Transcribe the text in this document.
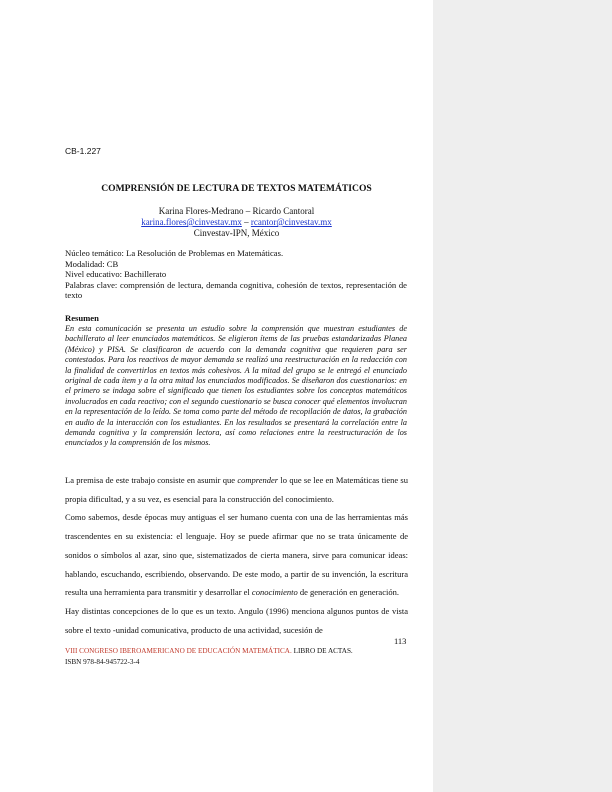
CB-1.227
COMPRENSIÓN DE LECTURA DE TEXTOS MATEMÁTICOS
Karina Flores-Medrano – Ricardo Cantoral
karina.flores@cinvestav.mx – rcantor@cinvestav.mx
Cinvestav-IPN, México
Núcleo temático: La Resolución de Problemas en Matemáticas.
Modalidad: CB
Nivel educativo: Bachillerato
Palabras clave: comprensión de lectura, demanda cognitiva, cohesión de textos, representación de texto
Resumen
En esta comunicación se presenta un estudio sobre la comprensión que muestran estudiantes de bachillerato al leer enunciados matemáticos. Se eligieron ítems de las pruebas estandarizadas Planea (México) y PISA. Se clasificaron de acuerdo con la demanda cognitiva que requieren para ser contestados. Para los reactivos de mayor demanda se realizó una reestructuración en la redacción con la finalidad de convertirlos en textos más cohesivos. A la mitad del grupo se le entregó el enunciado original de cada ítem y a la otra mitad los enunciados modificados. Se diseñaron dos cuestionarios: en el primero se indaga sobre el significado que tienen los estudiantes sobre los conceptos matemáticos involucrados en cada reactivo; con el segundo cuestionario se busca conocer qué elementos involucran en la representación de lo leído. Se toma como parte del método de recopilación de datos, la grabación en audio de la interacción con los estudiantes. En los resultados se presentará la correlación entre la demanda cognitiva y la comprensión lectora, así como relaciones entre la reestructuración de los enunciados y la comprensión de los mismos.

La premisa de este trabajo consiste en asumir que comprender lo que se lee en Matemáticas tiene su propia dificultad, y a su vez, es esencial para la construcción del conocimiento.

Como sabemos, desde épocas muy antiguas el ser humano cuenta con una de las herramientas más trascendentes en su existencia: el lenguaje. Hoy se puede afirmar que no se trata únicamente de sonidos o símbolos al azar, sino que, sistematizados de cierta manera, sirve para comunicar ideas: hablando, escuchando, escribiendo, observando. De este modo, a partir de su invención, la escritura resulta una herramienta para transmitir y desarrollar el conocimiento de generación en generación.

Hay distintas concepciones de lo que es un texto. Angulo (1996) menciona algunos puntos de vista sobre el texto -unidad comunicativa, producto de una actividad, sucesión de

113
VIII CONGRESO IBEROAMERICANO DE EDUCACIÓN MATEMÁTICA. LIBRO DE ACTAS.
ISBN 978-84-945722-3-4
